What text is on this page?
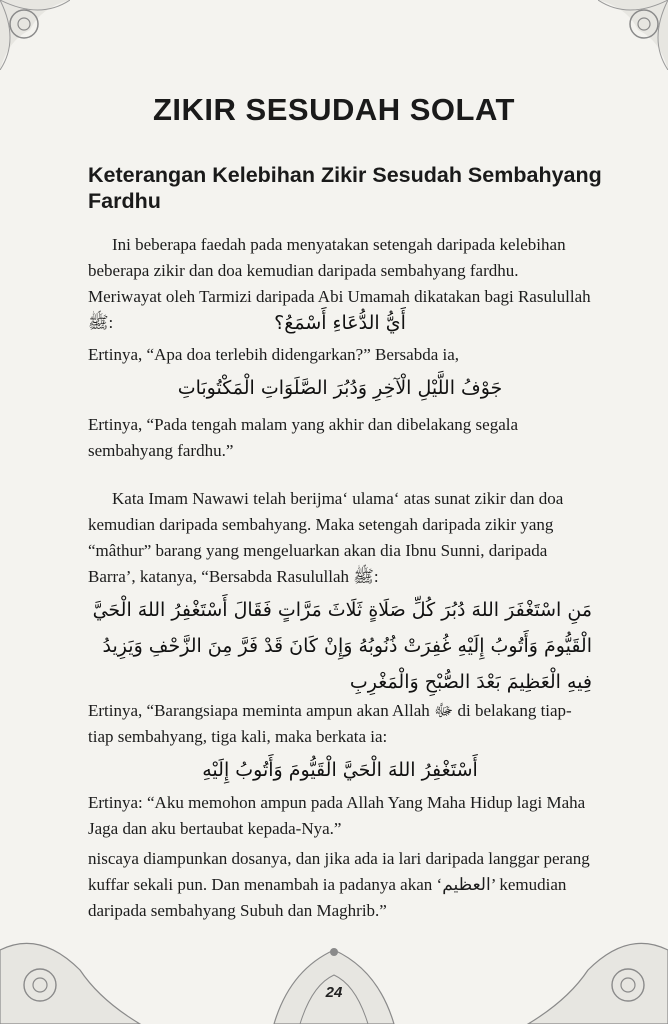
ZIKIR SESUDAH SOLAT
Keterangan Kelebihan Zikir Sesudah Sembahyang Fardhu
Ini beberapa faedah pada menyatakan setengah daripada kelebihan beberapa zikir dan doa kemudian daripada sembahyang fardhu. Meriwayat oleh Tarmizi daripada Abi Umamah dikatakan bagi Rasulullah ﷺ:	أَيُّ الدُّعَاءِ أَسْمَعُ؟
Ertinya, “Apa doa terlebih didengarkan?” Bersabda ia,
جَوْفُ اللَّيْلِ الْآخِرِ وَدُبُرَ الصَّلَوَاتِ الْمَكْتُوبَاتِ
Ertinya, “Pada tengah malam yang akhir dan dibelakang segala sembahyang fardhu.”
Kata Imam Nawawi telah berijma‘ ulama‘ atas sunat zikir dan doa kemudian daripada sembahyang. Maka setengah daripada zikir yang “mâthur” barang yang mengeluarkan akan dia Ibnu Sunni, daripada Barra’, katanya, “Bersabda Rasulullah ﷺ:
مَنِ اسْتَغْفَرَ اللهَ دُبُرَ كُلِّ صَلَاةٍ ثَلَاثَ مَرَّاتٍ فَقَالَ أَسْتَغْفِرُ اللهَ الْحَيَّ الْقَيُّومَ وَأَتُوبُ إِلَيْهِ غُفِرَتْ ذُنُوبُهُ وَإِنْ كَانَ قَدْ فَرَّ مِنَ الزَّحْفِ وَيَزِيدُ فِيهِ الْعَظِيمَ بَعْدَ الصُّبْحِ وَالْمَغْرِبِ
Ertinya, “Barangsiapa meminta ampun akan Allah ﷻ di belakang tiap-tiap sembahyang, tiga kali, maka berkata ia:
أَسْتَغْفِرُ اللهَ الْحَيَّ الْقَيُّومَ وَأَتُوبُ إِلَيْهِ
Ertinya: “Aku memohon ampun pada Allah Yang Maha Hidup lagi Maha Jaga dan aku bertaubat kepada-Nya.”
niscaya diampunkan dosanya, dan jika ada ia lari daripada langgar perang kuffar sekali pun. Dan menambah ia padanya akan ‘العظيم’ kemudian daripada sembahyang Subuh dan Maghrib.”
24
